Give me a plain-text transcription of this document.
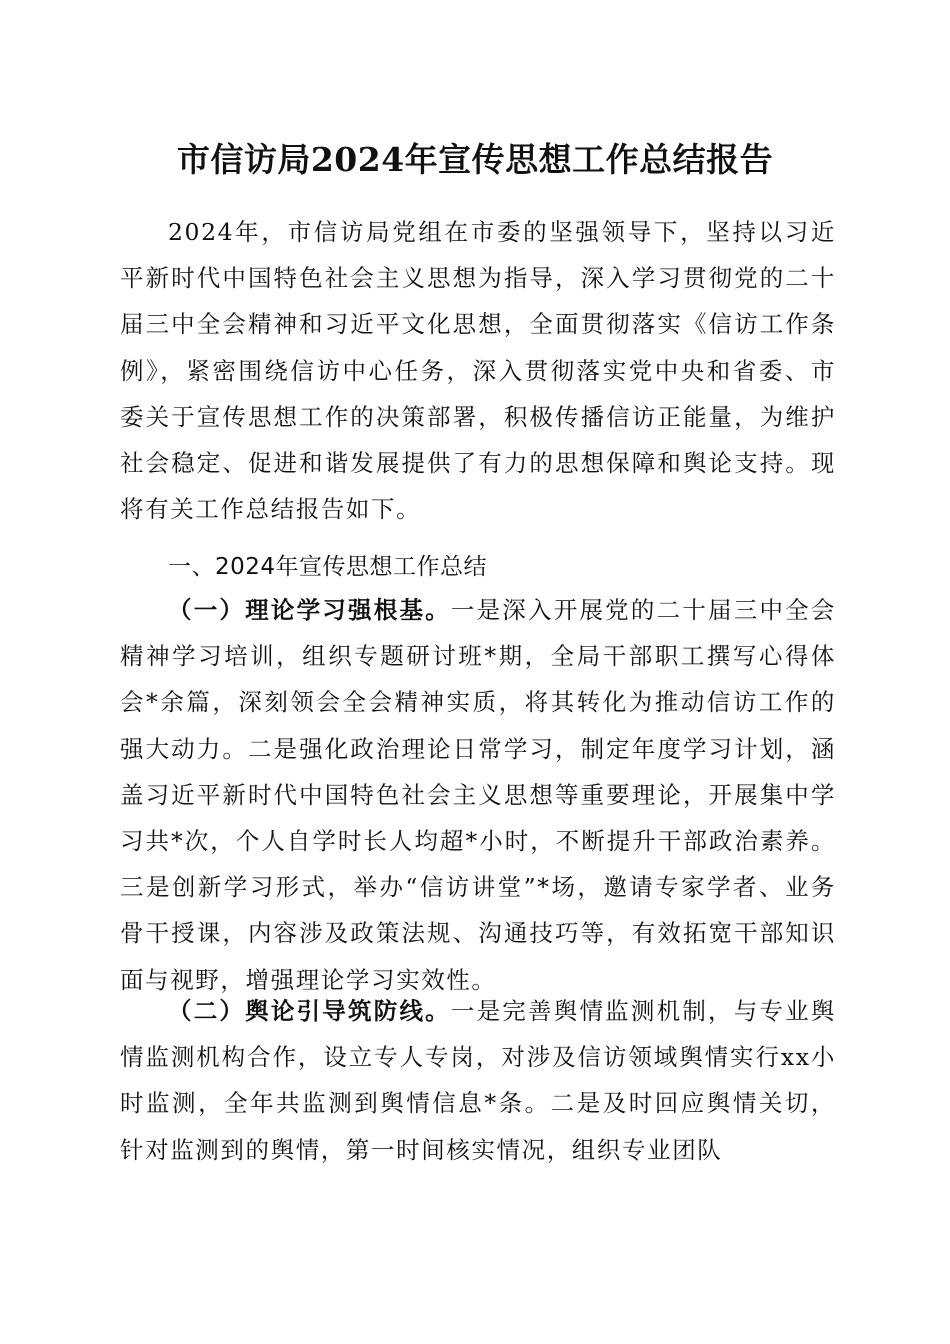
市信访局2024年宣传思想工作总结报告

2024年，市信访局党组在市委的坚强领导下，坚持以习近平新时代中国特色社会主义思想为指导，深入学习贯彻党的二十届三中全会精神和习近平文化思想，全面贯彻落实《信访工作条例》，紧密围绕信访中心任务，深入贯彻落实党中央和省委、市委关于宣传思想工作的决策部署，积极传播信访正能量，为维护社会稳定、促进和谐发展提供了有力的思想保障和舆论支持。现将有关工作总结报告如下。

一、2024年宣传思想工作总结

（一）理论学习强根基。一是深入开展党的二十届三中全会精神学习培训，组织专题研讨班*期，全局干部职工撰写心得体会*余篇，深刻领会全会精神实质，将其转化为推动信访工作的强大动力。二是强化政治理论日常学习，制定年度学习计划，涵盖习近平新时代中国特色社会主义思想等重要理论，开展集中学习共*次，个人自学时长人均超*小时，不断提升干部政治素养。三是创新学习形式，举办“信访讲堂”*场，邀请专家学者、业务骨干授课，内容涉及政策法规、沟通技巧等，有效拓宽干部知识面与视野，增强理论学习实效性。

（二）舆论引导筑防线。一是完善舆情监测机制，与专业舆情监测机构合作，设立专人专岗，对涉及信访领域舆情实行xx小时监测，全年共监测到舆情信息*条。二是及时回应舆情关切，针对监测到的舆情，第一时间核实情况，组织专业团队
